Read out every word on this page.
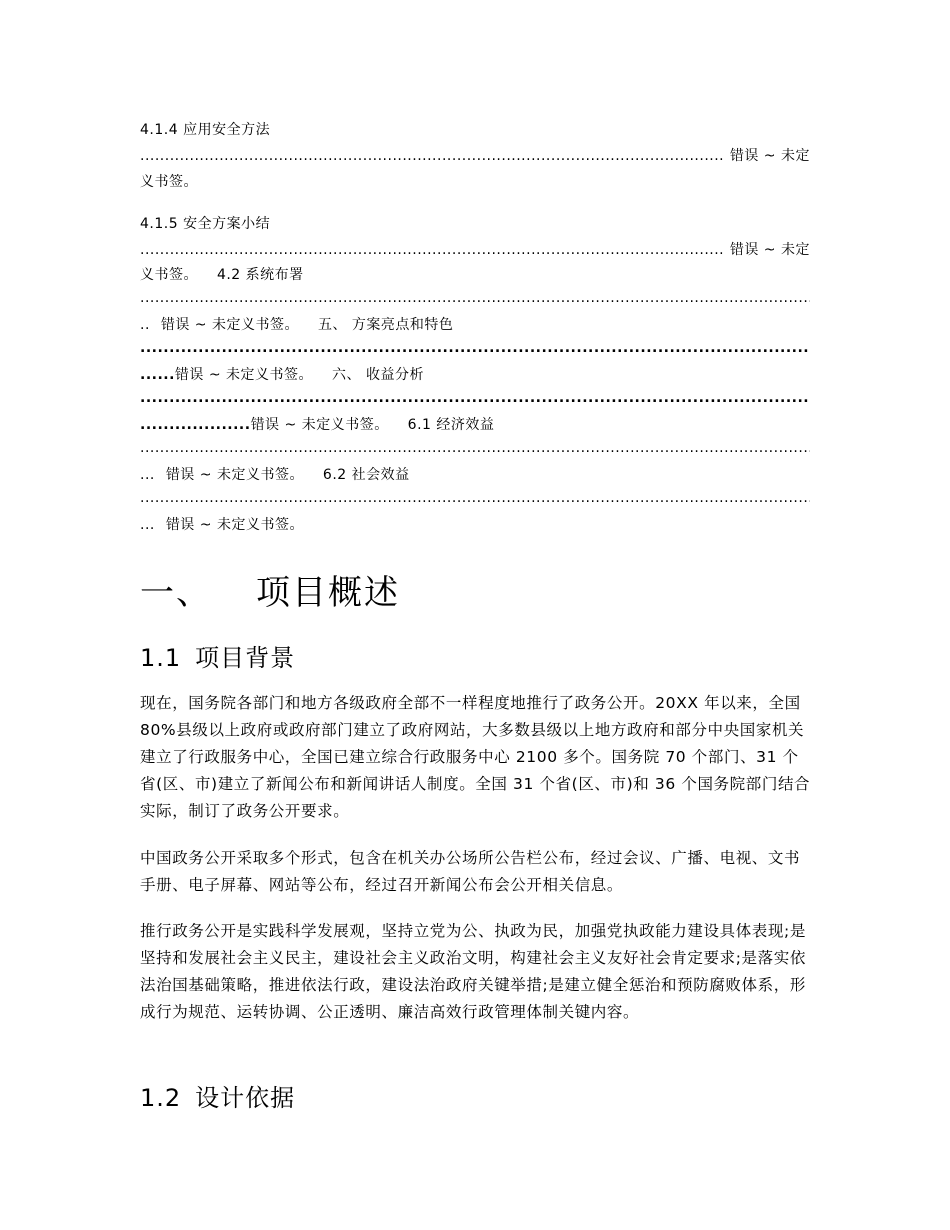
4.1.4 应用安全方法
.....
错误 ~ 未定
义书签。
4.1.5 安全方案小结
.....
错误 ~ 未定
义书签。 4.2 系统布署
.....
.. 错误 ~ 未定义书签。 五、 方案亮点和特色
.....
......错误 ~ 未定义书签。 六、 收益分析
.....
...................错误 ~ 未定义书签。 6.1 经济效益
.....
... 错误 ~ 未定义书签。 6.2 社会效益
.....
... 错误 ~ 未定义书签。
一、 项目概述
1.1 项目背景

现在，国务院各部门和地方各级政府全部不一样程度地推行了政务公开。20XX 年以来，全国 80%县级以上政府或政府部门建立了政府网站，大多数县级以上地方政府和部分中央国家机关建立了行政服务中心，全国已建立综合行政服务中心 2100 多个。国务院 70 个部门、31 个省(区、市)建立了新闻公布和新闻讲话人制度。全国 31 个省(区、市)和 36 个国务院部门结合实际，制订了政务公开要求。

中国政务公开采取多个形式，包含在机关办公场所公告栏公布，经过会议、广播、电视、文书手册、电子屏幕、网站等公布，经过召开新闻公布会公开相关信息。

推行政务公开是实践科学发展观，坚持立党为公、执政为民，加强党执政能力建设具体表现;是坚持和发展社会主义民主，建设社会主义政治文明，构建社会主义友好社会肯定要求;是落实依法治国基础策略，推进依法行政，建设法治政府关键举措;是建立健全惩治和预防腐败体系，形成行为规范、运转协调、公正透明、廉洁高效行政管理体制关键内容。

1.2 设计依据
